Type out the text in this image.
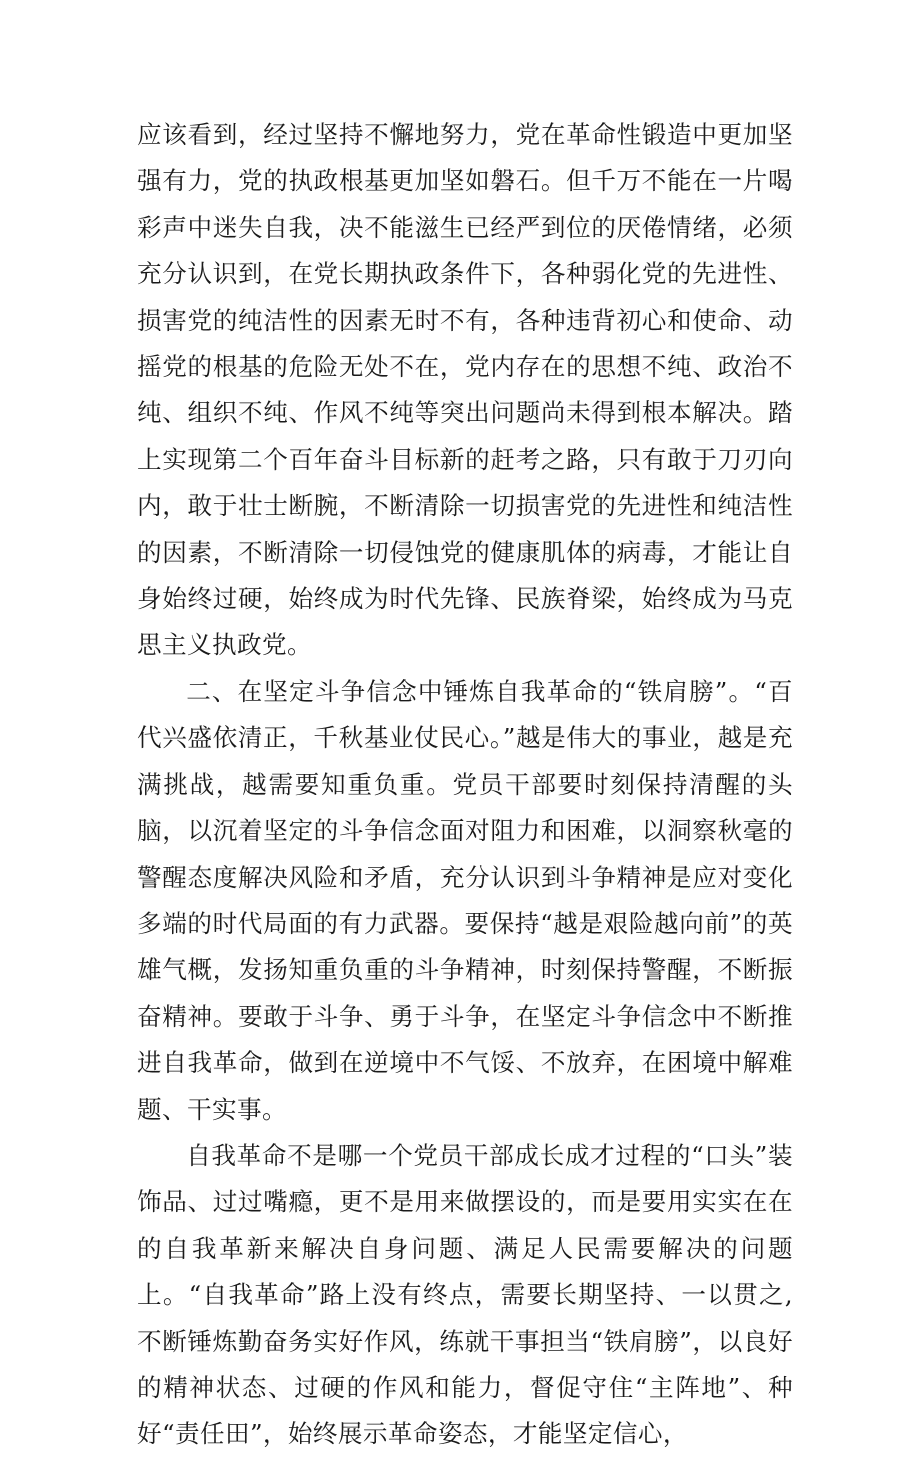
应该看到，经过坚持不懈地努力，党在革命性锻造中更加坚强有力，党的执政根基更加坚如磐石。但千万不能在一片喝彩声中迷失自我，决不能滋生已经严到位的厌倦情绪，必须充分认识到，在党长期执政条件下，各种弱化党的先进性、损害党的纯洁性的因素无时不有，各种违背初心和使命、动摇党的根基的危险无处不在，党内存在的思想不纯、政治不纯、组织不纯、作风不纯等突出问题尚未得到根本解决。踏上实现第二个百年奋斗目标新的赶考之路，只有敢于刀刃向内，敢于壮士断腕，不断清除一切损害党的先进性和纯洁性的因素，不断清除一切侵蚀党的健康肌体的病毒，才能让自身始终过硬，始终成为时代先锋、民族脊梁，始终成为马克思主义执政党。

二、在坚定斗争信念中锤炼自我革命的“铁肩膀”。“百代兴盛依清正，千秋基业仗民心。”越是伟大的事业，越是充满挑战，越需要知重负重。党员干部要时刻保持清醒的头脑，以沉着坚定的斗争信念面对阻力和困难，以洞察秋毫的警醒态度解决风险和矛盾，充分认识到斗争精神是应对变化多端的时代局面的有力武器。要保持“越是艰险越向前”的英雄气概，发扬知重负重的斗争精神，时刻保持警醒，不断振奋精神。要敢于斗争、勇于斗争，在坚定斗争信念中不断推进自我革命，做到在逆境中不气馁、不放弃，在困境中解难题、干实事。

自我革命不是哪一个党员干部成长成才过程的“口头”装饰品、过过嘴瘾，更不是用来做摆设的，而是要用实实在在的自我革新来解决自身问题、满足人民需要解决的问题上。“自我革命”路上没有终点，需要长期坚持、一以贯之,不断锤炼勤奋务实好作风，练就干事担当“铁肩膀”，以良好的精神状态、过硬的作风和能力，督促守住“主阵地”、种好“责任田”，始终展示革命姿态，才能坚定信心，
